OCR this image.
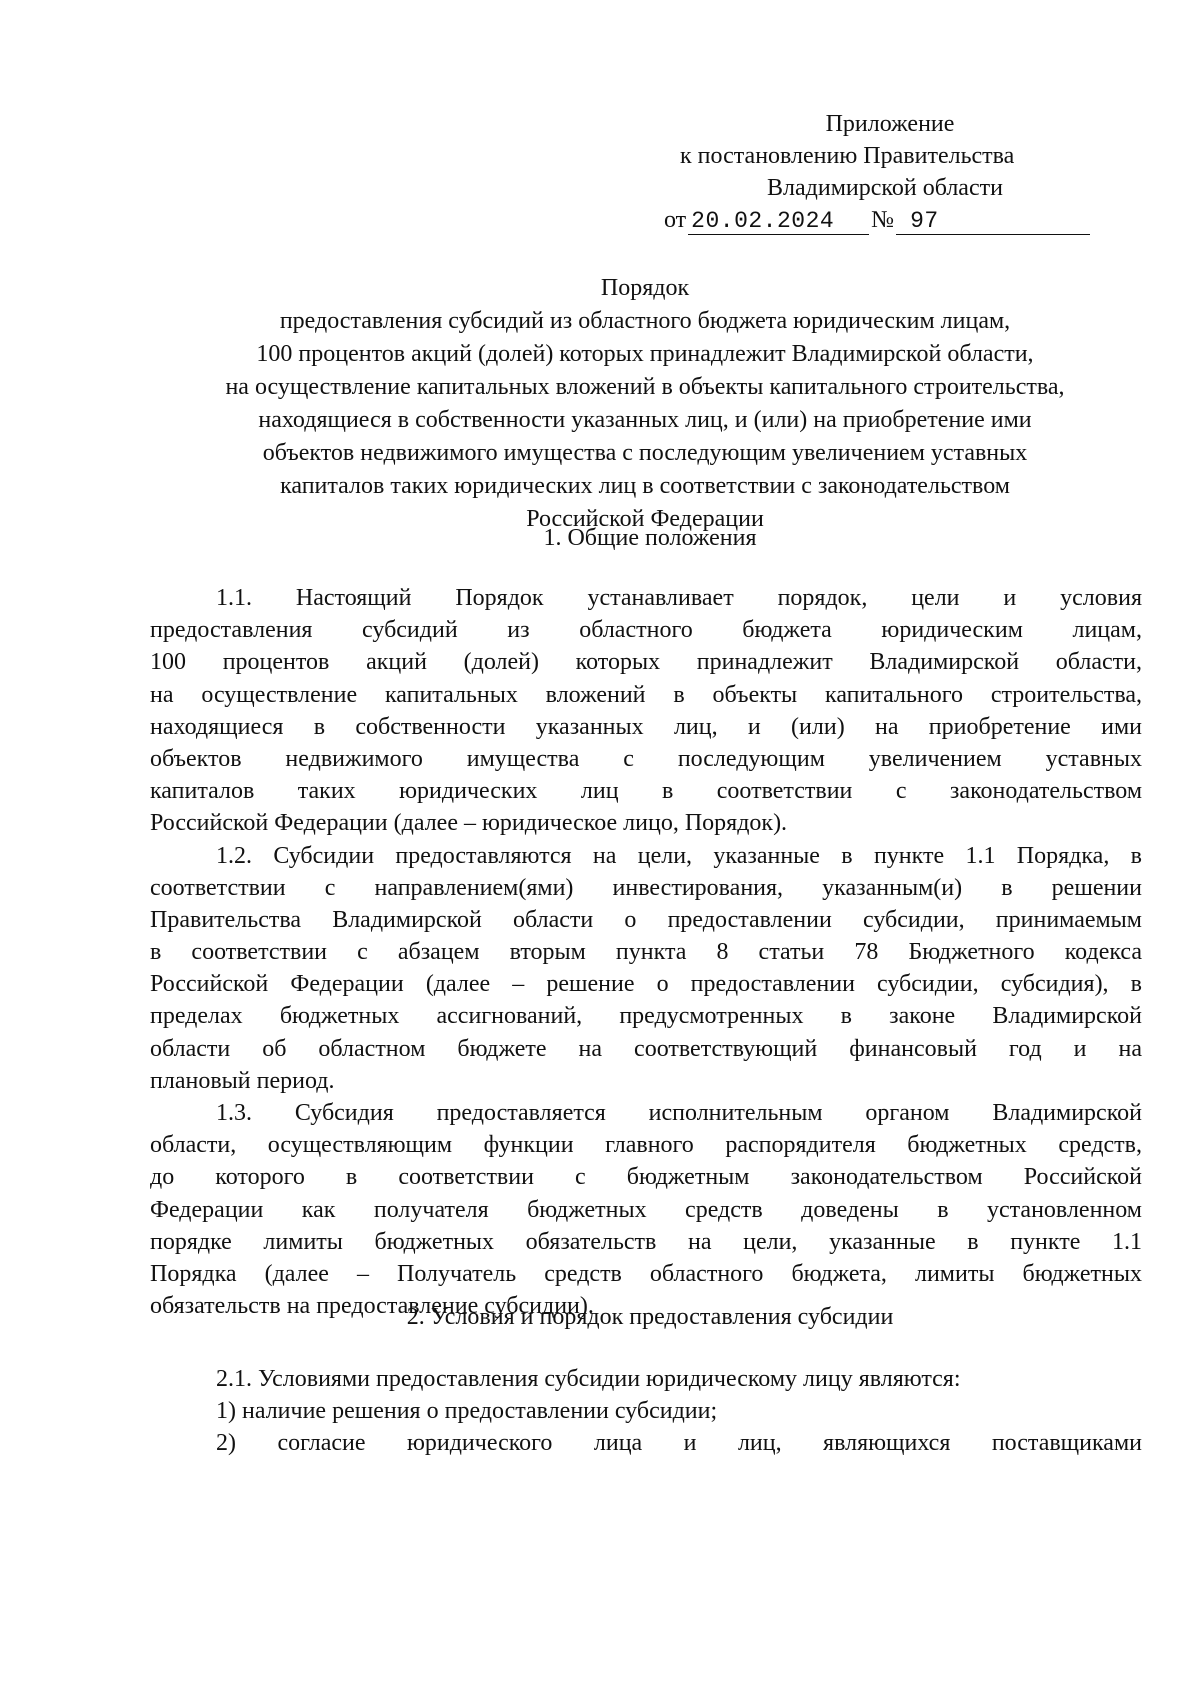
Приложение
к постановлению Правительства
Владимирской области
от 20.02.2024	№ 97
Порядок
предоставления субсидий из областного бюджета юридическим лицам,
100 процентов акций (долей) которых принадлежит Владимирской области,
на осуществление капитальных вложений в объекты капитального строительства,
находящиеся в собственности указанных лиц, и (или) на приобретение ими
объектов недвижимого имущества с последующим увеличением уставных
капиталов таких юридических лиц в соответствии с законодательством
Российской Федерации
1. Общие положения
1.1. Настоящий Порядок устанавливает порядок, цели и условия
предоставления субсидий из областного бюджета юридическим лицам,
100 процентов акций (долей) которых принадлежит Владимирской области,
на осуществление капитальных вложений в объекты капитального строительства,
находящиеся в собственности указанных лиц, и (или) на приобретение ими
объектов недвижимого имущества с последующим увеличением уставных
капиталов таких юридических лиц в соответствии с законодательством
Российской Федерации (далее – юридическое лицо, Порядок).
1.2. Субсидии предоставляются на цели, указанные в пункте 1.1 Порядка, в
соответствии с направлением(ями) инвестирования, указанным(и) в решении
Правительства Владимирской области о предоставлении субсидии, принимаемым
в соответствии с абзацем вторым пункта 8 статьи 78 Бюджетного кодекса
Российской Федерации (далее – решение о предоставлении субсидии, субсидия), в
пределах бюджетных ассигнований, предусмотренных в законе Владимирской
области об областном бюджете на соответствующий финансовый год и на
плановый период.
1.3. Субсидия предоставляется исполнительным органом Владимирской
области, осуществляющим функции главного распорядителя бюджетных средств,
до которого в соответствии с бюджетным законодательством Российской
Федерации как получателя бюджетных средств доведены в установленном
порядке лимиты бюджетных обязательств на цели, указанные в пункте 1.1
Порядка (далее – Получатель средств областного бюджета, лимиты бюджетных
обязательств на предоставление субсидии).
2. Условия и порядок предоставления субсидии
2.1. Условиями предоставления субсидии юридическому лицу являются:
1) наличие решения о предоставлении субсидии;
2) согласие юридического лица и лиц, являющихся поставщиками
